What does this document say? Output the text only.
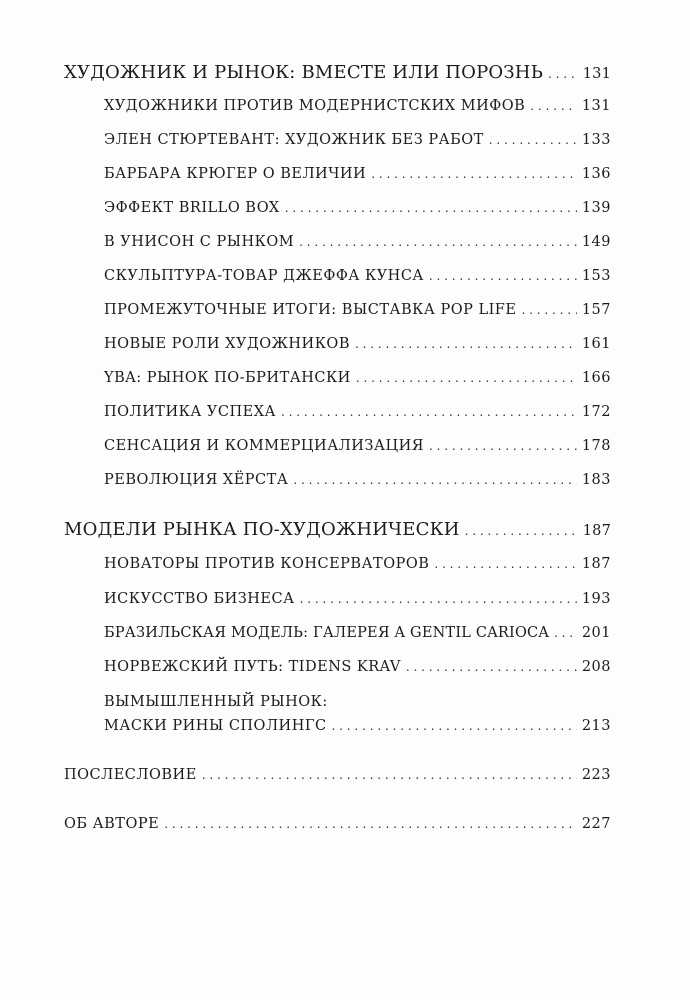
ХУДОЖНИК И РЫНОК: ВМЕСТЕ ИЛИ ПОРОЗНЬ . . .	131
ХУДОЖНИКИ ПРОТИВ МОДЕРНИСТСКИХ МИФОВ . . .	131
ЭЛЕН СТЮРТЕВАНТ: ХУДОЖНИК БЕЗ РАБОТ . . .	133
БАРБАРА КРЮГЕР О ВЕЛИЧИИ . . .	136
ЭФФЕКТ BRILLO BOX . . .	139
В УНИСОН С РЫНКОМ . . .	149
СКУЛЬПТУРА-ТОВАР ДЖЕФФА КУНСА . . .	153
ПРОМЕЖУТОЧНЫЕ ИТОГИ: ВЫСТАВКА POP LIFE . . .	157
НОВЫЕ РОЛИ ХУДОЖНИКОВ . . .	161
YBA: РЫНОК ПО-БРИТАНСКИ . . .	166
ПОЛИТИКА УСПЕХА . . .	172
СЕНСАЦИЯ И КОММЕРЦИАЛИЗАЦИЯ . . .	178
РЕВОЛЮЦИЯ ХЁРСТА . . .	183
МОДЕЛИ РЫНКА ПО-ХУДОЖНИЧЕСКИ . . .	187
НОВАТОРЫ ПРОТИВ КОНСЕРВАТОРОВ . . .	187
ИСКУССТВО БИЗНЕСА . . .	193
БРАЗИЛЬСКАЯ МОДЕЛЬ: ГАЛЕРЕЯ A GENTIL CARIOCA . . . 201
НОРВЕЖСКИЙ ПУТЬ: TIDENS KRAV . . .	208
ВЫМЫШЛЕННЫЙ РЫНОК:
МАСКИ РИНЫ СПОЛИНГС . . .	213
ПОСЛЕСЛОВИЕ . . .	223
ОБ АВТОРЕ . . .	227
